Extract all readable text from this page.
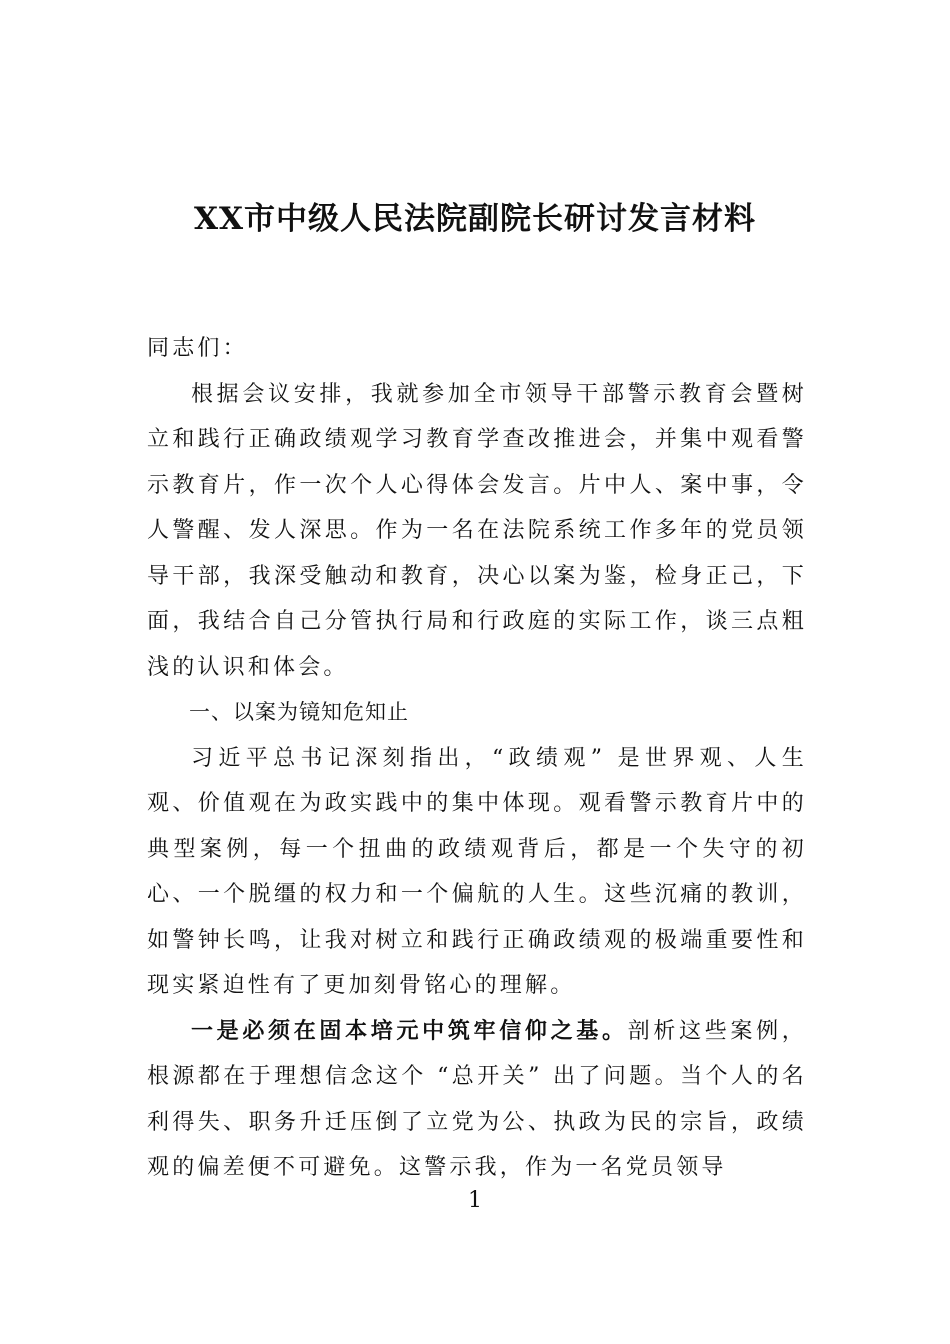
XX市中级人民法院副院长研讨发言材料

同志们：

根据会议安排，我就参加全市领导干部警示教育会暨树立和践行正确政绩观学习教育学查改推进会，并集中观看警示教育片，作一次个人心得体会发言。片中人、案中事，令人警醒、发人深思。作为一名在法院系统工作多年的党员领导干部，我深受触动和教育，决心以案为鉴，检身正己，下面，我结合自己分管执行局和行政庭的实际工作，谈三点粗浅的认识和体会。

一、以案为镜知危知止

习近平总书记深刻指出，“政绩观” 是世界观、人生观、价值观在为政实践中的集中体现。观看警示教育片中的典型案例，每一个扭曲的政绩观背后，都是一个失守的初心、一个脱缰的权力和一个偏航的人生。这些沉痛的教训，如警钟长鸣，让我对树立和践行正确政绩观的极端重要性和现实紧迫性有了更加刻骨铭心的理解。

一是必须在固本培元中筑牢信仰之基。剖析这些案例，根源都在于理想信念这个 “总开关” 出了问题。当个人的名利得失、职务升迁压倒了立党为公、执政为民的宗旨，政绩观的偏差便不可避免。这警示我，作为一名党员领导

1
